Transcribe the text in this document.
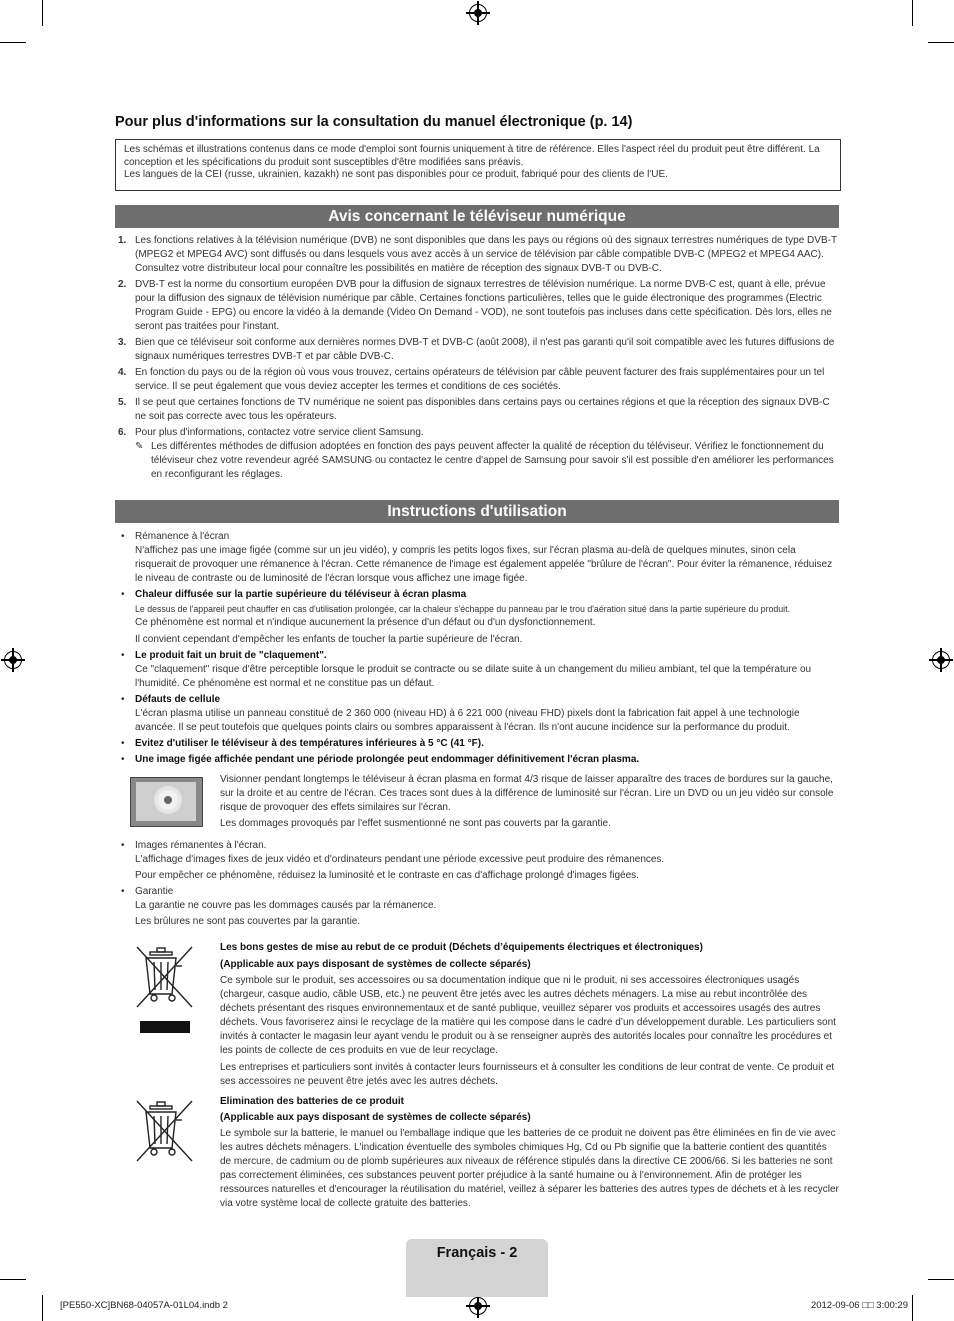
Pour plus d'informations sur la consultation du manuel électronique (p. 14)
Les schémas et illustrations contenus dans ce mode d'emploi sont fournis uniquement à titre de référence. Elles l'aspect réel du produit peut être différent. La conception et les spécifications du produit sont susceptibles d'être modifiées sans préavis.
Les langues de la CEI (russe, ukrainien, kazakh) ne sont pas disponibles pour ce produit, fabriqué pour des clients de l'UE.
Avis concernant le téléviseur numérique
1. Les fonctions relatives à la télévision numérique (DVB) ne sont disponibles que dans les pays ou régions où des signaux terrestres numériques de type DVB-T (MPEG2 et MPEG4 AVC) sont diffusés ou dans lesquels vous avez accès à un service de télévision par câble compatible DVB-C (MPEG2 et MPEG4 AAC). Consultez votre distributeur local pour connaître les possibilités en matière de réception des signaux DVB-T ou DVB-C.
2. DVB-T est la norme du consortium européen DVB pour la diffusion de signaux terrestres de télévision numérique. La norme DVB-C est, quant à elle, prévue pour la diffusion des signaux de télévision numérique par câble. Certaines fonctions particulières, telles que le guide électronique des programmes (Electric Program Guide - EPG) ou encore la vidéo à la demande (Video On Demand - VOD), ne sont toutefois pas incluses dans cette spécification. Dès lors, elles ne seront pas traitées pour l'instant.
3. Bien que ce téléviseur soit conforme aux dernières normes DVB-T et DVB-C (août 2008), il n'est pas garanti qu'il soit compatible avec les futures diffusions de signaux numériques terrestres DVB-T et par câble DVB-C.
4. En fonction du pays ou de la région où vous vous trouvez, certains opérateurs de télévision par câble peuvent facturer des frais supplémentaires pour un tel service. Il se peut également que vous deviez accepter les termes et conditions de ces sociétés.
5. Il se peut que certaines fonctions de TV numérique ne soient pas disponibles dans certains pays ou certaines régions et que la réception des signaux DVB-C ne soit pas correcte avec tous les opérateurs.
6. Pour plus d'informations, contactez votre service client Samsung.
✎ Les différentes méthodes de diffusion adoptées en fonction des pays peuvent affecter la qualité de réception du téléviseur. Vérifiez le fonctionnement du téléviseur chez votre revendeur agréé SAMSUNG ou contactez le centre d'appel de Samsung pour savoir s'il est possible d'en améliorer les performances en reconfigurant les réglages.
Instructions d'utilisation
• Rémanence à l'écran
N'affichez pas une image figée (comme sur un jeu vidéo), y compris les petits logos fixes, sur l'écran plasma au-delà de quelques minutes, sinon cela risquerait de provoquer une rémanence à l'écran. Cette rémanence de l'image est également appelée "brûlure de l'écran". Pour éviter la rémanence, réduisez le niveau de contraste ou de luminosité de l'écran lorsque vous affichez une image figée.
• Chaleur diffusée sur la partie supérieure du téléviseur à écran plasma
Le dessus de l'appareil peut chauffer en cas d'utilisation prolongée, car la chaleur s'échappe du panneau par le trou d'aération situé dans la partie supérieure du produit.
Ce phénomène est normal et n'indique aucunement la présence d'un défaut ou d'un dysfonctionnement.
Il convient cependant d'empêcher les enfants de toucher la partie supérieure de l'écran.
• Le produit fait un bruit de "claquement".
Ce "claquement" risque d'être perceptible lorsque le produit se contracte ou se dilate suite à un changement du milieu ambiant, tel que la température ou l'humidité. Ce phénomène est normal et ne constitue pas un défaut.
• Défauts de cellule
L'écran plasma utilise un panneau constitué de 2 360 000 (niveau HD) à 6 221 000 (niveau FHD) pixels dont la fabrication fait appel à une technologie avancée. Il se peut toutefois que quelques points clairs ou sombres apparaissent à l'écran. Ils n'ont aucune incidence sur la performance du produit.
• Evitez d'utiliser le téléviseur à des températures inférieures à 5 °C (41 °F).
• Une image figée affichée pendant une période prolongée peut endommager définitivement l'écran plasma.
Visionner pendant longtemps le téléviseur à écran plasma en format 4/3 risque de laisser apparaître des traces de bordures sur la gauche, sur la droite et au centre de l'écran. Ces traces sont dues à la différence de luminosité sur l'écran. Lire un DVD ou un jeu vidéo sur console risque de provoquer des effets similaires sur l'écran.
Les dommages provoqués par l'effet susmentionné ne sont pas couverts par la garantie.
• Images rémanentes à l'écran.
L'affichage d'images fixes de jeux vidéo et d'ordinateurs pendant une période excessive peut produire des rémanences.
Pour empêcher ce phénomène, réduisez la luminosité et le contraste en cas d'affichage prolongé d'images figées.
• Garantie
La garantie ne couvre pas les dommages causés par la rémanence.
Les brûlures ne sont pas couvertes par la garantie.
Les bons gestes de mise au rebut de ce produit (Déchets d’équipements électriques et électroniques)
(Applicable aux pays disposant de systèmes de collecte séparés)
Ce symbole sur le produit, ses accessoires ou sa documentation indique que ni le produit, ni ses accessoires électroniques usagés (chargeur, casque audio, câble USB, etc.) ne peuvent être jetés avec les autres déchets ménagers. La mise au rebut incontrôlée des déchets présentant des risques environnementaux et de santé publique, veuillez séparer vos produits et accessoires usagés des autres déchets. Vous favoriserez ainsi le recyclage de la matière qui les compose dans le cadre d’un développement durable. Les particuliers sont invités à contacter le magasin leur ayant vendu le produit ou à se renseigner auprès des autorités locales pour connaître les procédures et les points de collecte de ces produits en vue de leur recyclage.
Les entreprises et particuliers sont invités à contacter leurs fournisseurs et à consulter les conditions de leur contrat de vente. Ce produit et ses accessoires ne peuvent être jetés avec les autres déchets.
Elimination des batteries de ce produit
(Applicable aux pays disposant de systèmes de collecte séparés)
Le symbole sur la batterie, le manuel ou l'emballage indique que les batteries de ce produit ne doivent pas être éliminées en fin de vie avec les autres déchets ménagers. L'indication éventuelle des symboles chimiques Hg, Cd ou Pb signifie que la batterie contient des quantités de mercure, de cadmium ou de plomb supérieures aux niveaux de référence stipulés dans la directive CE 2006/66. Si les batteries ne sont pas correctement éliminées, ces substances peuvent porter préjudice à la santé humaine ou à l'environnement. Afin de protéger les ressources naturelles et d'encourager la réutilisation du matériel, veillez à séparer les batteries des autres types de déchets et à les recycler via votre système local de collecte gratuite des batteries.
Français - 2
[PE550-XC]BN68-04057A-01L04.indb 2	2012-09-06 □□ 3:00:29
